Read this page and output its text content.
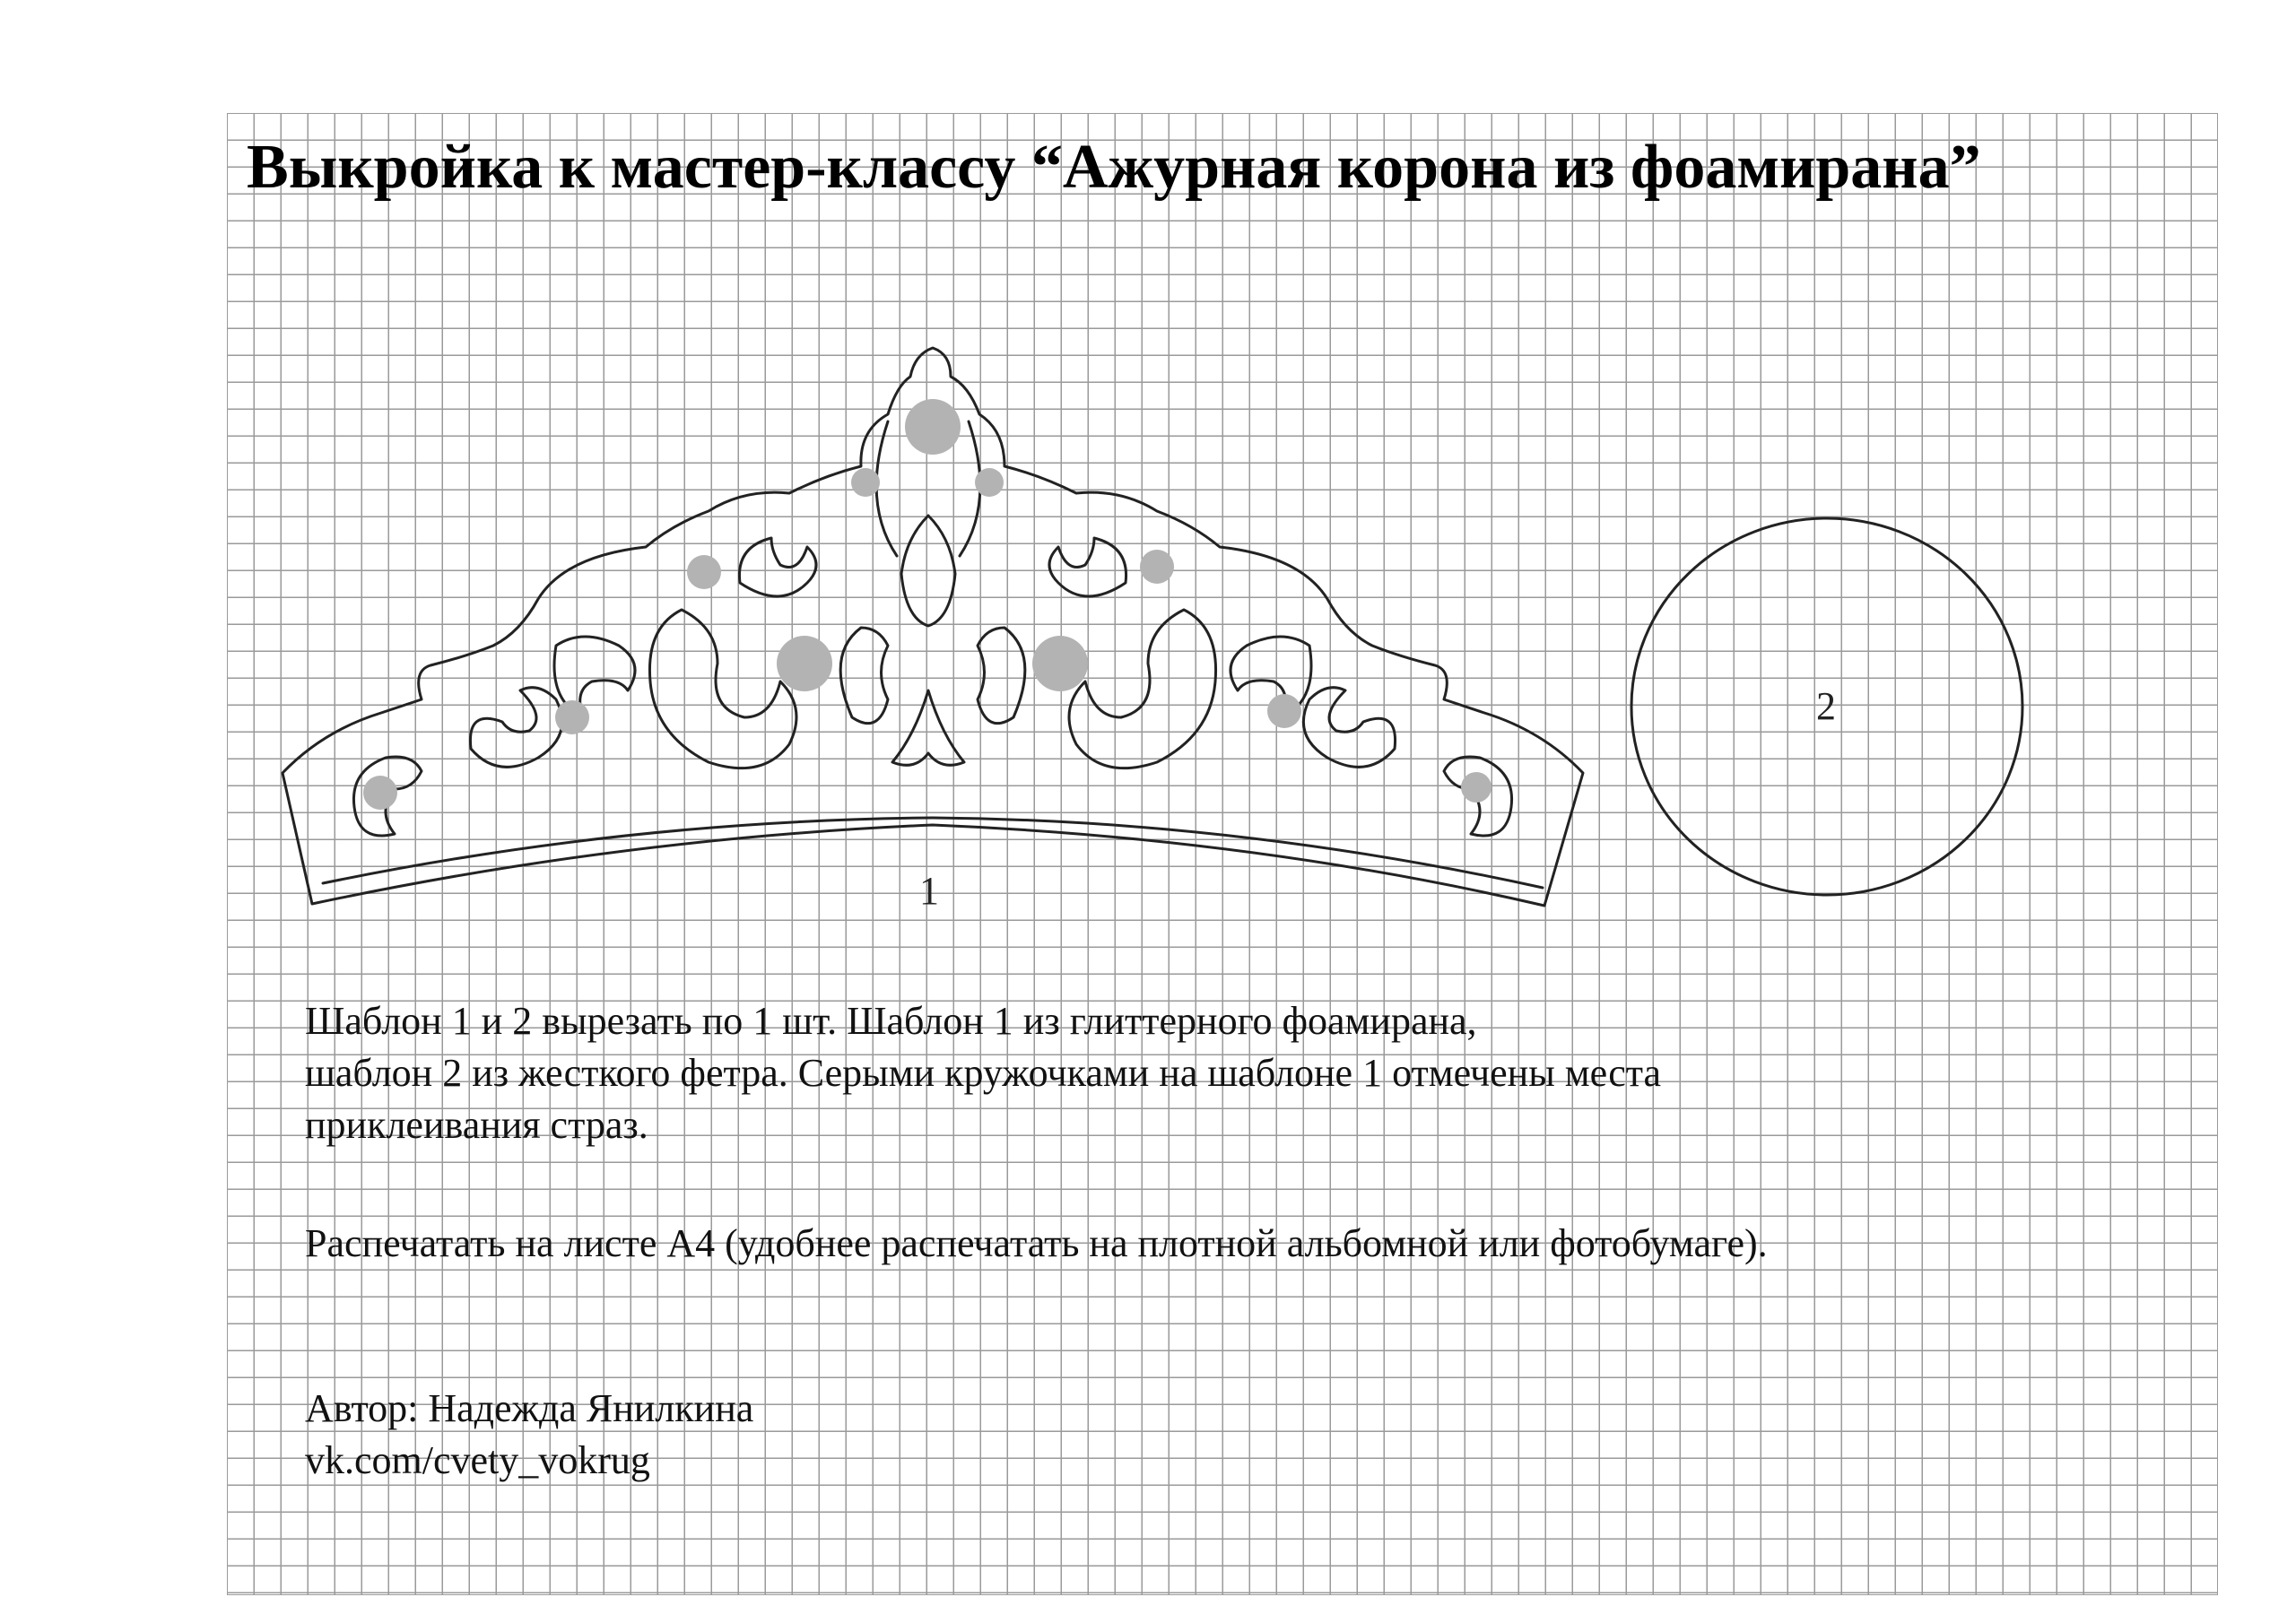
Выкройка к мастер-классу “Ажурная корона из фоамирана”
1
2

Шаблон 1 и 2 вырезать по 1 шт. Шаблон 1 из глиттерного фоамирана,

шаблон 2 из жесткого фетра. Серыми кружочками на шаблоне 1 отмечены места

приклеивания страз.

Распечатать на листе А4 (удобнее распечатать на плотной альбомной или фотобумаге).

Автор: Надежда Янилкина

vk.com/cvety_vokrug
